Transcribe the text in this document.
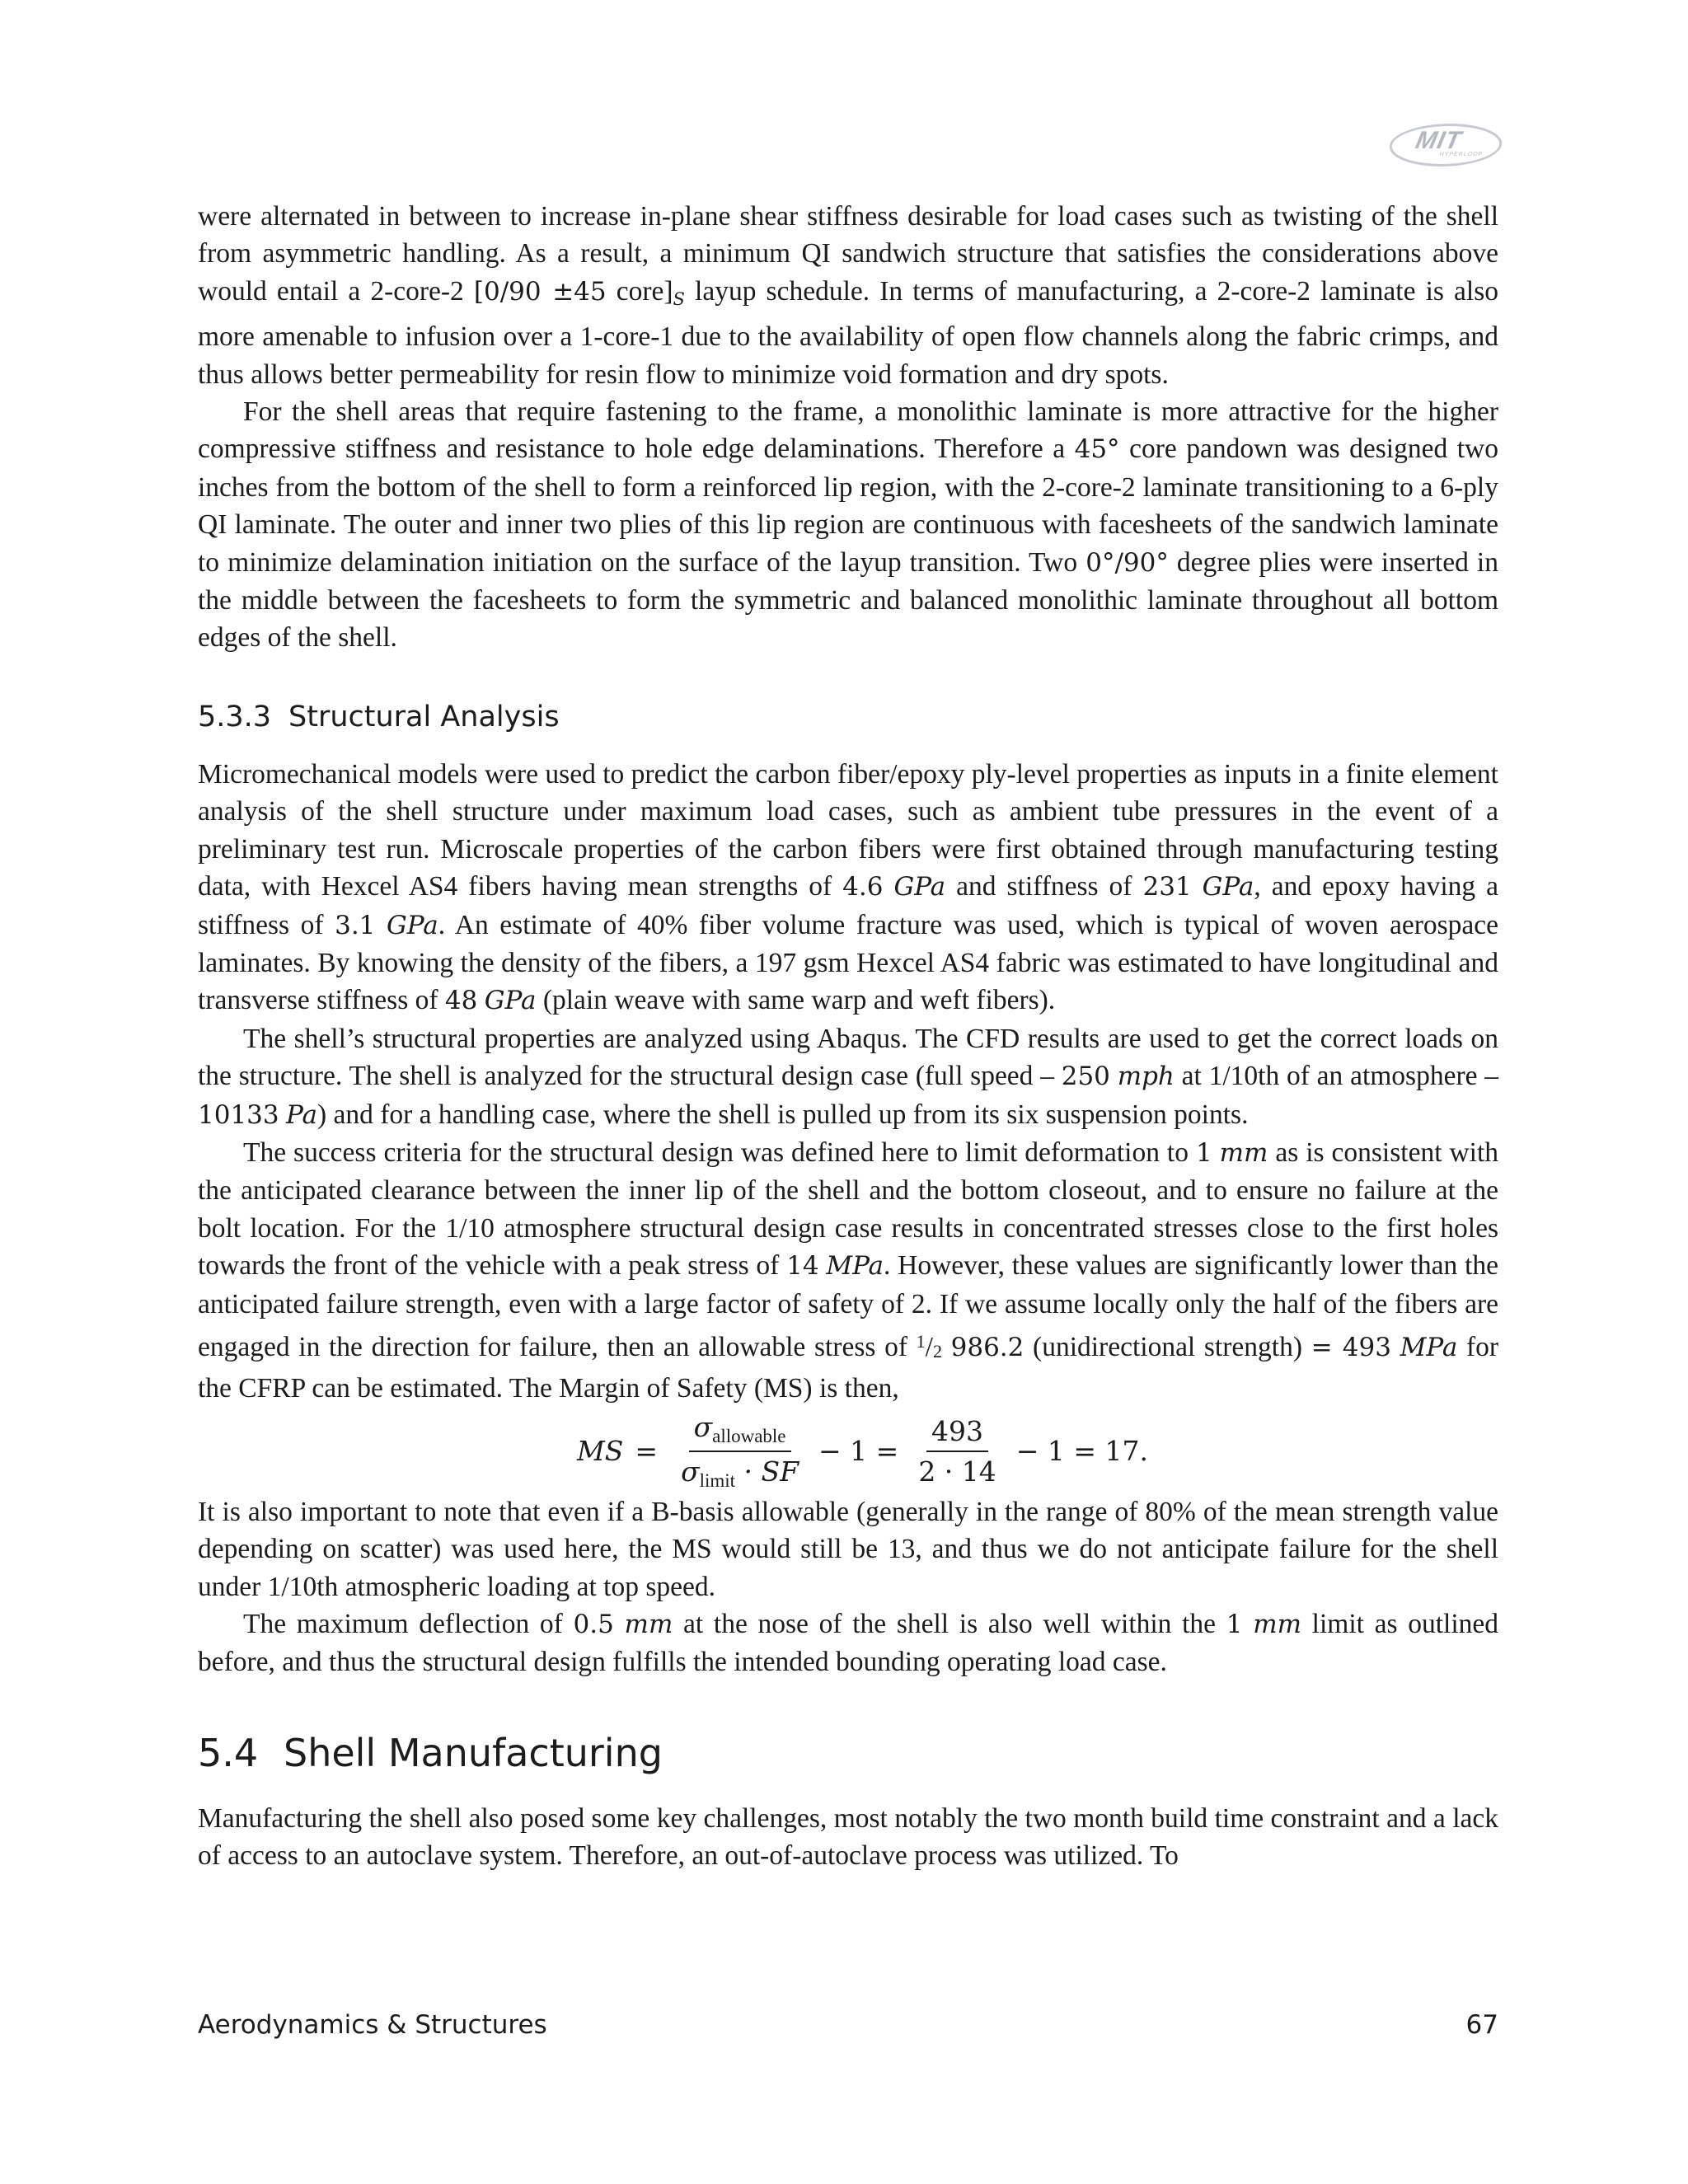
MIT
HYPERLOOP

were alternated in between to increase in-plane shear stiffness desirable for load cases such as twisting of the shell from asymmetric handling. As a result, a minimum QI sandwich structure that satisfies the considerations above would entail a 2-core-2 [0/90 ±45 $core]_S$ layup schedule. In terms of manufacturing, a 2-core-2 laminate is also more amenable to infusion over a 1-core-1 due to the availability of open flow channels along the fabric crimps, and thus allows better permeability for resin flow to minimize void formation and dry spots.

For the shell areas that require fastening to the frame, a monolithic laminate is more attractive for the higher compressive stiffness and resistance to hole edge delaminations. Therefore a 45° core pandown was designed two inches from the bottom of the shell to form a reinforced lip region, with the 2-core-2 laminate transitioning to a 6-ply QI laminate. The outer and inner two plies of this lip region are continuous with facesheets of the sandwich laminate to minimize delamination initiation on the surface of the layup transition. Two 0°/90° degree plies were inserted in the middle between the facesheets to form the symmetric and balanced monolithic laminate throughout all bottom edges of the shell.

5.3.3 Structural Analysis

Micromechanical models were used to predict the carbon fiber/epoxy ply-level properties as inputs in a finite element analysis of the shell structure under maximum load cases, such as ambient tube pressures in the event of a preliminary test run. Microscale properties of the carbon fibers were first obtained through manufacturing testing data, with Hexcel AS4 fibers having mean strengths of 4.6 GPa and stiffness of 231 GPa, and epoxy having a stiffness of 3.1 GPa. An estimate of 40% fiber volume fracture was used, which is typical of woven aerospace laminates. By knowing the density of the fibers, a 197 gsm Hexcel AS4 fabric was estimated to have longitudinal and transverse stiffness of 48 GPa (plain weave with same warp and weft fibers).

The shell’s structural properties are analyzed using Abaqus. The CFD results are used to get the correct loads on the structure. The shell is analyzed for the structural design case (full speed – 250 mph at 1/10th of an atmosphere – 10133 Pa) and for a handling case, where the shell is pulled up from its six suspension points.

The success criteria for the structural design was defined here to limit deformation to 1 mm as is consistent with the anticipated clearance between the inner lip of the shell and the bottom closeout, and to ensure no failure at the bolt location. For the 1/10 atmosphere structural design case results in concentrated stresses close to the first holes towards the front of the vehicle with a peak stress of 14 MPa. However, these values are significantly lower than the anticipated failure strength, even with a large factor of safety of 2. If we assume locally only the half of the fibers are engaged in the direction for failure, then an allowable stress of $^1$/2 986.2 (unidirectional strength) = 493 MPa for the CFRP can be estimated. The Margin of Safety (MS) is then,

MS = $\frac{\sigma_{allowable}}{\sigma_{limit} \cdot SF} - 1 = \frac{493}{2 \cdot 14} - 1 = 17$.

It is also important to note that even if a B-basis allowable (generally in the range of 80% of the mean strength value depending on scatter) was used here, the MS would still be 13, and thus we do not anticipate failure for the shell under 1/10th atmospheric loading at top speed.

The maximum deflection of 0.5 mm at the nose of the shell is also well within the 1 mm limit as outlined before, and thus the structural design fulfills the intended bounding operating load case.

5.4 Shell Manufacturing

Manufacturing the shell also posed some key challenges, most notably the two month build time constraint and a lack of access to an autoclave system. Therefore, an out-of-autoclave process was utilized. To

Aerodynamics & Structures	67
